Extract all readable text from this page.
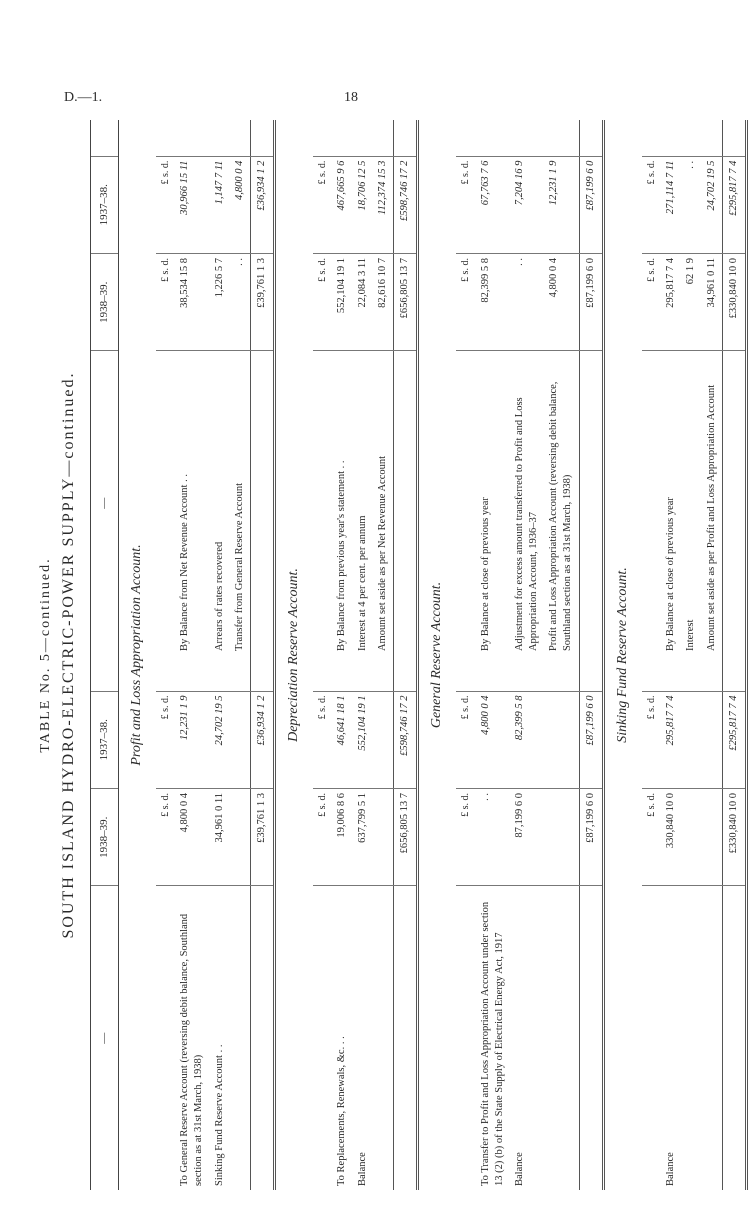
D.—1.	18
TABLE No. 5—continued. SOUTH ISLAND HYDRO-ELECTRIC-POWER SUPPLY—continued.
—	1938–39.	1937–38.		—	1938–39.	1937–38.	

Profit and Loss Appropriation Account.							

	£ s. d.	£ s. d.			£ s. d.	£ s. d.	
To General Reserve Account (reversing debit balance, Southland section as at 31st March, 1938)	4,800 0 4	12,231 1 9		By Balance from Net Revenue Account . .	38,534 15 8	30,966 15 11	
Sinking Fund Reserve Account . .	34,961 0 11	24,702 19 5		Arrears of rates recovered	1,226 5 7	1,147 7 11	
				Transfer from General Reserve Account	. .	4,800 0 4	
	£39,761 1 3	£36,934 1 2			£39,761 1 3	£36,934 1 2	

Depreciation Reserve Account.							

	£ s. d.	£ s. d.			£ s. d.	£ s. d.	
To Replacements, Renewals, &c. . .	19,006 8 6	46,641 18 1		By Balance from previous year's statement . .	552,104 19 1	467,665 9 6	
Balance	637,799 5 1	552,104 19 1		Interest at 4 per cent. per annum	22,084 3 11	18,706 12 5	
				Amount set aside as per Net Revenue Account	82,616 10 7	112,374 15 3	
	£656,805 13 7	£598,746 17 2			£656,805 13 7	£598,746 17 2	

General Reserve Account.							

	£ s. d.	£ s. d.			£ s. d.	£ s. d.	
To Transfer to Profit and Loss Appropriation Account under section 13 (2) (b) of the State Supply of Electrical Energy Act, 1917	. .	4,800 0 4		By Balance at close of previous year	82,399 5 8	67,763 7 6	
Balance	87,199 6 0	82,399 5 8		Adjustment for excess amount transferred to Profit and Loss Appropriation Account, 1936–37	. .	7,204 16 9	
				Profit and Loss Appropriation Account (reversing debit balance, Southland section as at 31st March, 1938)	4,800 0 4	12,231 1 9	
	£87,199 6 0	£87,199 6 0			£87,199 6 0	£87,199 6 0	

Sinking Fund Reserve Account.							

	£ s. d.	£ s. d.			£ s. d.	£ s. d.	
Balance	330,840 10 0	295,817 7 4		By Balance at close of previous year	295,817 7 4	271,114 7 11	
				Interest	62 1 9	. .	
				Amount set aside as per Profit and Loss Appropriation Account	34,961 0 11	24,702 19 5	
	£330,840 10 0	£295,817 7 4			£330,840 10 0	£295,817 7 4	
